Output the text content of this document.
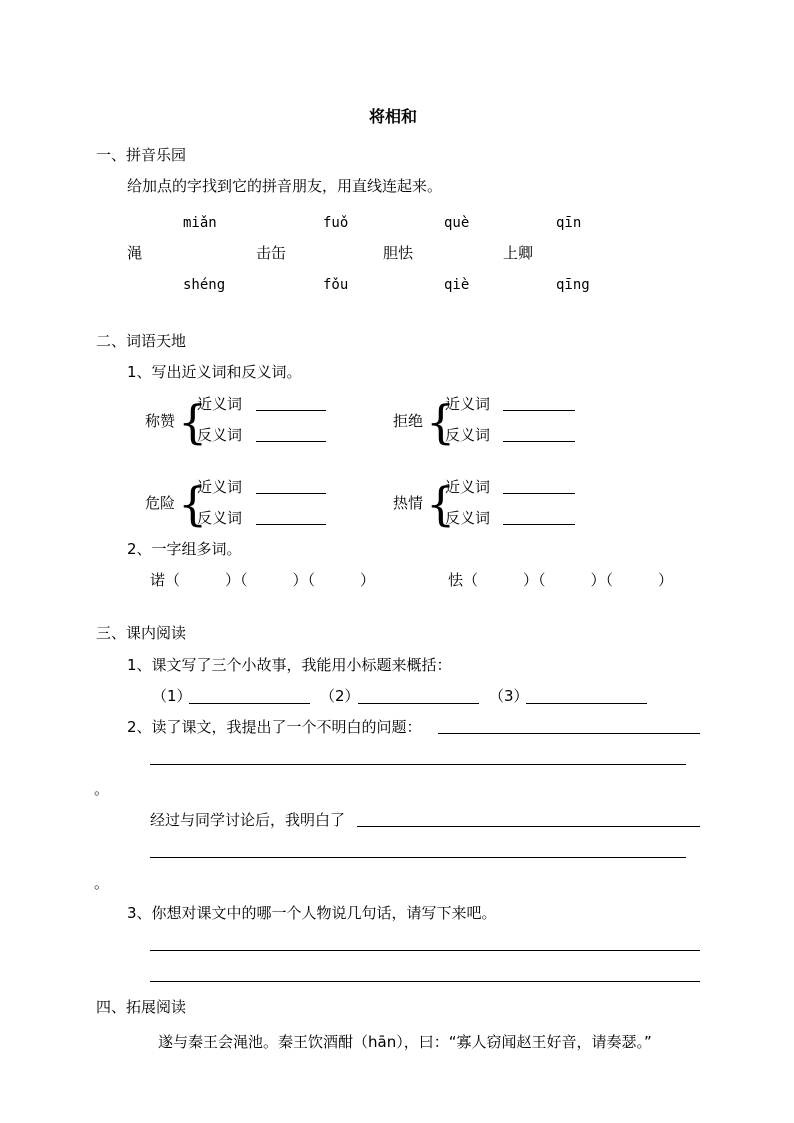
将相和
一、拼音乐园
给加点的字找到它的拼音朋友，用直线连起来。
miǎn	fuǒ	què	qīn
渑	击缶	胆怯	上卿
shéng	fǒu	qiè	qīng
二、词语天地
1、写出近义词和反义词。
称赞 {
近义词
反义词
拒绝 {
近义词
反义词
危险 {
近义词
反义词
热情 {
近义词
反义词
2、一字组多词。
诺（　　　）（　　　）（　　　）	怯（　　　）（　　　）（　　　）
三、课内阅读
1、课文写了三个小故事，我能用小标题来概括：
（1）	（2）	（3）
2、读了课文，我提出了一个不明白的问题：
。
经过与同学讨论后，我明白了
。
3、你想对课文中的哪一个人物说几句话，请写下来吧。
四、拓展阅读
遂与秦王会渑池。秦王饮酒酣（hān），曰：“寡人窃闻赵王好音，请奏瑟。”
